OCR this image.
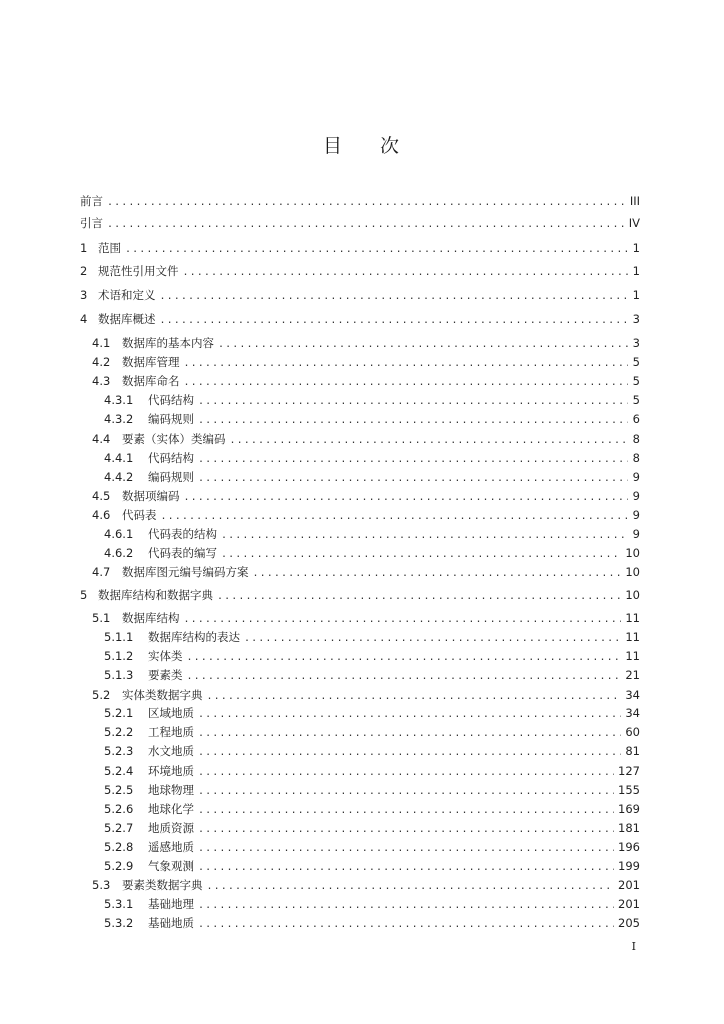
目 次
前言 .....	III
引言 .....	IV
1 范围 .....	1
2 规范性引用文件 .....	1
3 术语和定义 .....	1
4 数据库概述 .....	3
4.1	数据库的基本内容 .....	3
4.2	数据库管理 .....	5
4.3	数据库命名 .....	5
4.3.1	代码结构 .....	5
4.3.2	编码规则 .....	6
4.4	要素（实体）类编码 .....	8
4.4.1	代码结构 .....	8
4.4.2	编码规则 .....	9
4.5	数据项编码 .....	9
4.6	代码表 .....	9
4.6.1	代码表的结构 .....	9
4.6.2	代码表的编写 .....	10
4.7	数据库图元编号编码方案 .....	10
5 数据库结构和数据字典 .....	10
5.1	数据库结构 .....	11
5.1.1	数据库结构的表达 .....	11
5.1.2	实体类 .....	11
5.1.3	要素类 .....	21
5.2	实体类数据字典 .....	34
5.2.1	区域地质 .....	34
5.2.2	工程地质 .....	60
5.2.3	水文地质 .....	81
5.2.4	环境地质 .....	127
5.2.5	地球物理 .....	155
5.2.6	地球化学 .....	169
5.2.7	地质资源 .....	181
5.2.8	遥感地质 .....	196
5.2.9	气象观测 .....	199
5.3	要素类数据字典 .....	201
5.3.1	基础地理 .....	201
5.3.2	基础地质 .....	205
I
